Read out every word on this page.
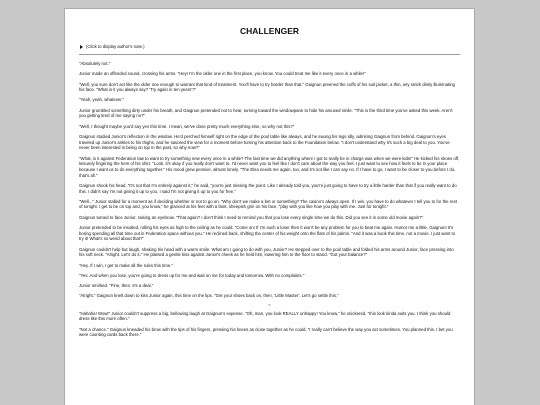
CHALLENGER
(Click to display author's note.)

"Absolutely not."

Junior made an offended sound, crossing his arms. "Hey! I'm the older one in the first place, you know. You could treat me like it every once in a while!"

"Well, you sure don't act like the older one enough to warrant that kind of treatment. You'll have to try harder than that." Gaignun preened the cuffs of his suit jacket, a thin, wry smirk dimly illuminating his face. "What is it you always say? 'Try again in ten years'?"

"Yeah, yeah, whatever."

Junior grumbled something dirty under his breath, and Gaignun pretended not to hear, turning toward the windowpane to hide his amused smile. "This is the third time you've asked this week. Aren't you getting tired of me saying no?"

"Well, I thought maybe you'd say yes this time. I mean, we've done pretty much everything else, so why not this?"

Gaignun studied Junior's reflection in the window. He'd perched himself right on the edge of the pool table like always, and he swung his legs idly, admiring Gaignun from behind. Gaignun's eyes traveled up Junior's ankles to his thighs, and he savored the view for a moment before turning his attention back to the Foundation below. "I don't understand why it's such a big deal to you. You've never been interested in being on top in the past, so why now?"

"What, is it against Federation law to want to try something new every once in a while? The last time we did anything where I got to really be in charge was when we were kids!" He kicked his shoes off, leisurely fingering the hem of his shirt. "Look, it's okay if you really don't want to. I'd never want you to feel like I don't care about the way you feel. I just want to see how it feels to be in your place because I want us to do everything together." His mood grew pensive, almost lonely. "The Elsa needs me again, too, and it's not like I can say no. If I have to go, I want to be closer to you before I do, that's all."

Gaignun shook his head. "It's not that I'm entirely against it," he said, "you're just missing the point. Like I already told you, you're just going to have to try a little harder than that if you really want to do this. I didn't say I'm not giving it up to you, I said I'm not giving it up to you for free."

"Well..." Junior stalled for a moment as if deciding whether or not to go on. "Why don't we make a bet or something? The casino's always open. If I win, you have to do whatever I tell you to for the rest of tonight. I get to be on top and, you know," he glanced at his feet with a faint, sheepish grin on his face, "play with you like how you play with me. Just for tonight."

Gaignun turned to face Junior, raising an eyebrow. "That again? I don't think I need to remind you that you lose every single time we do this. Did you see it in some old movie again?"

Junior pretended to be insulted, rolling his eyes as high to the ceiling as he could. "Come on! If I'm such a loser then it won't be any problem for you to beat me again. Humor me a little, Gaignun! It's boring spending all that time out in Federation space without you." He reclined back, shifting the center of his weight onto the flats of his palms. "And it was a book this time, not a movie. I just want to try it! What's so weird about that?"

Gaignun couldn't help but laugh, shaking his head with a warm smile. What am I going to do with you, Junior? He stepped over to the pool table and folded his arms around Junior, face pressing into his soft neck. "Alright. Let's do it." He planted a gentle kiss against Junior's cheek as he held him, lowering him to the floor to stand. "Got your balance?"

"Hey. If I win, I get to make all the rules this time."

"Yes. And when you lose, you're going to dress up for me and wait on me for today and tomorrow. With no complaints."

Junior smirked. "Fine, then. It's a deal."

"Alright." Gaignun knelt down to kiss Junior again, this time on the lips. "Get your shoes back on, then, 'Little Master'. Let's go settle this."

~

"Hahaha! Wow!" Junior couldn't suppress a big, bellowing laugh at Gaignun's expense. "Oh, man, you look REALLY unhappy! You know," he snickered, "this look kinda suits you. I think you should dress like this more often."

"Not a chance." Gaignun kneaded his brow with the tips of his fingers, pressing his knees as close together as he could. "I really can't believe the way you act sometimes. You planned this. I bet you were counting cards back there."
